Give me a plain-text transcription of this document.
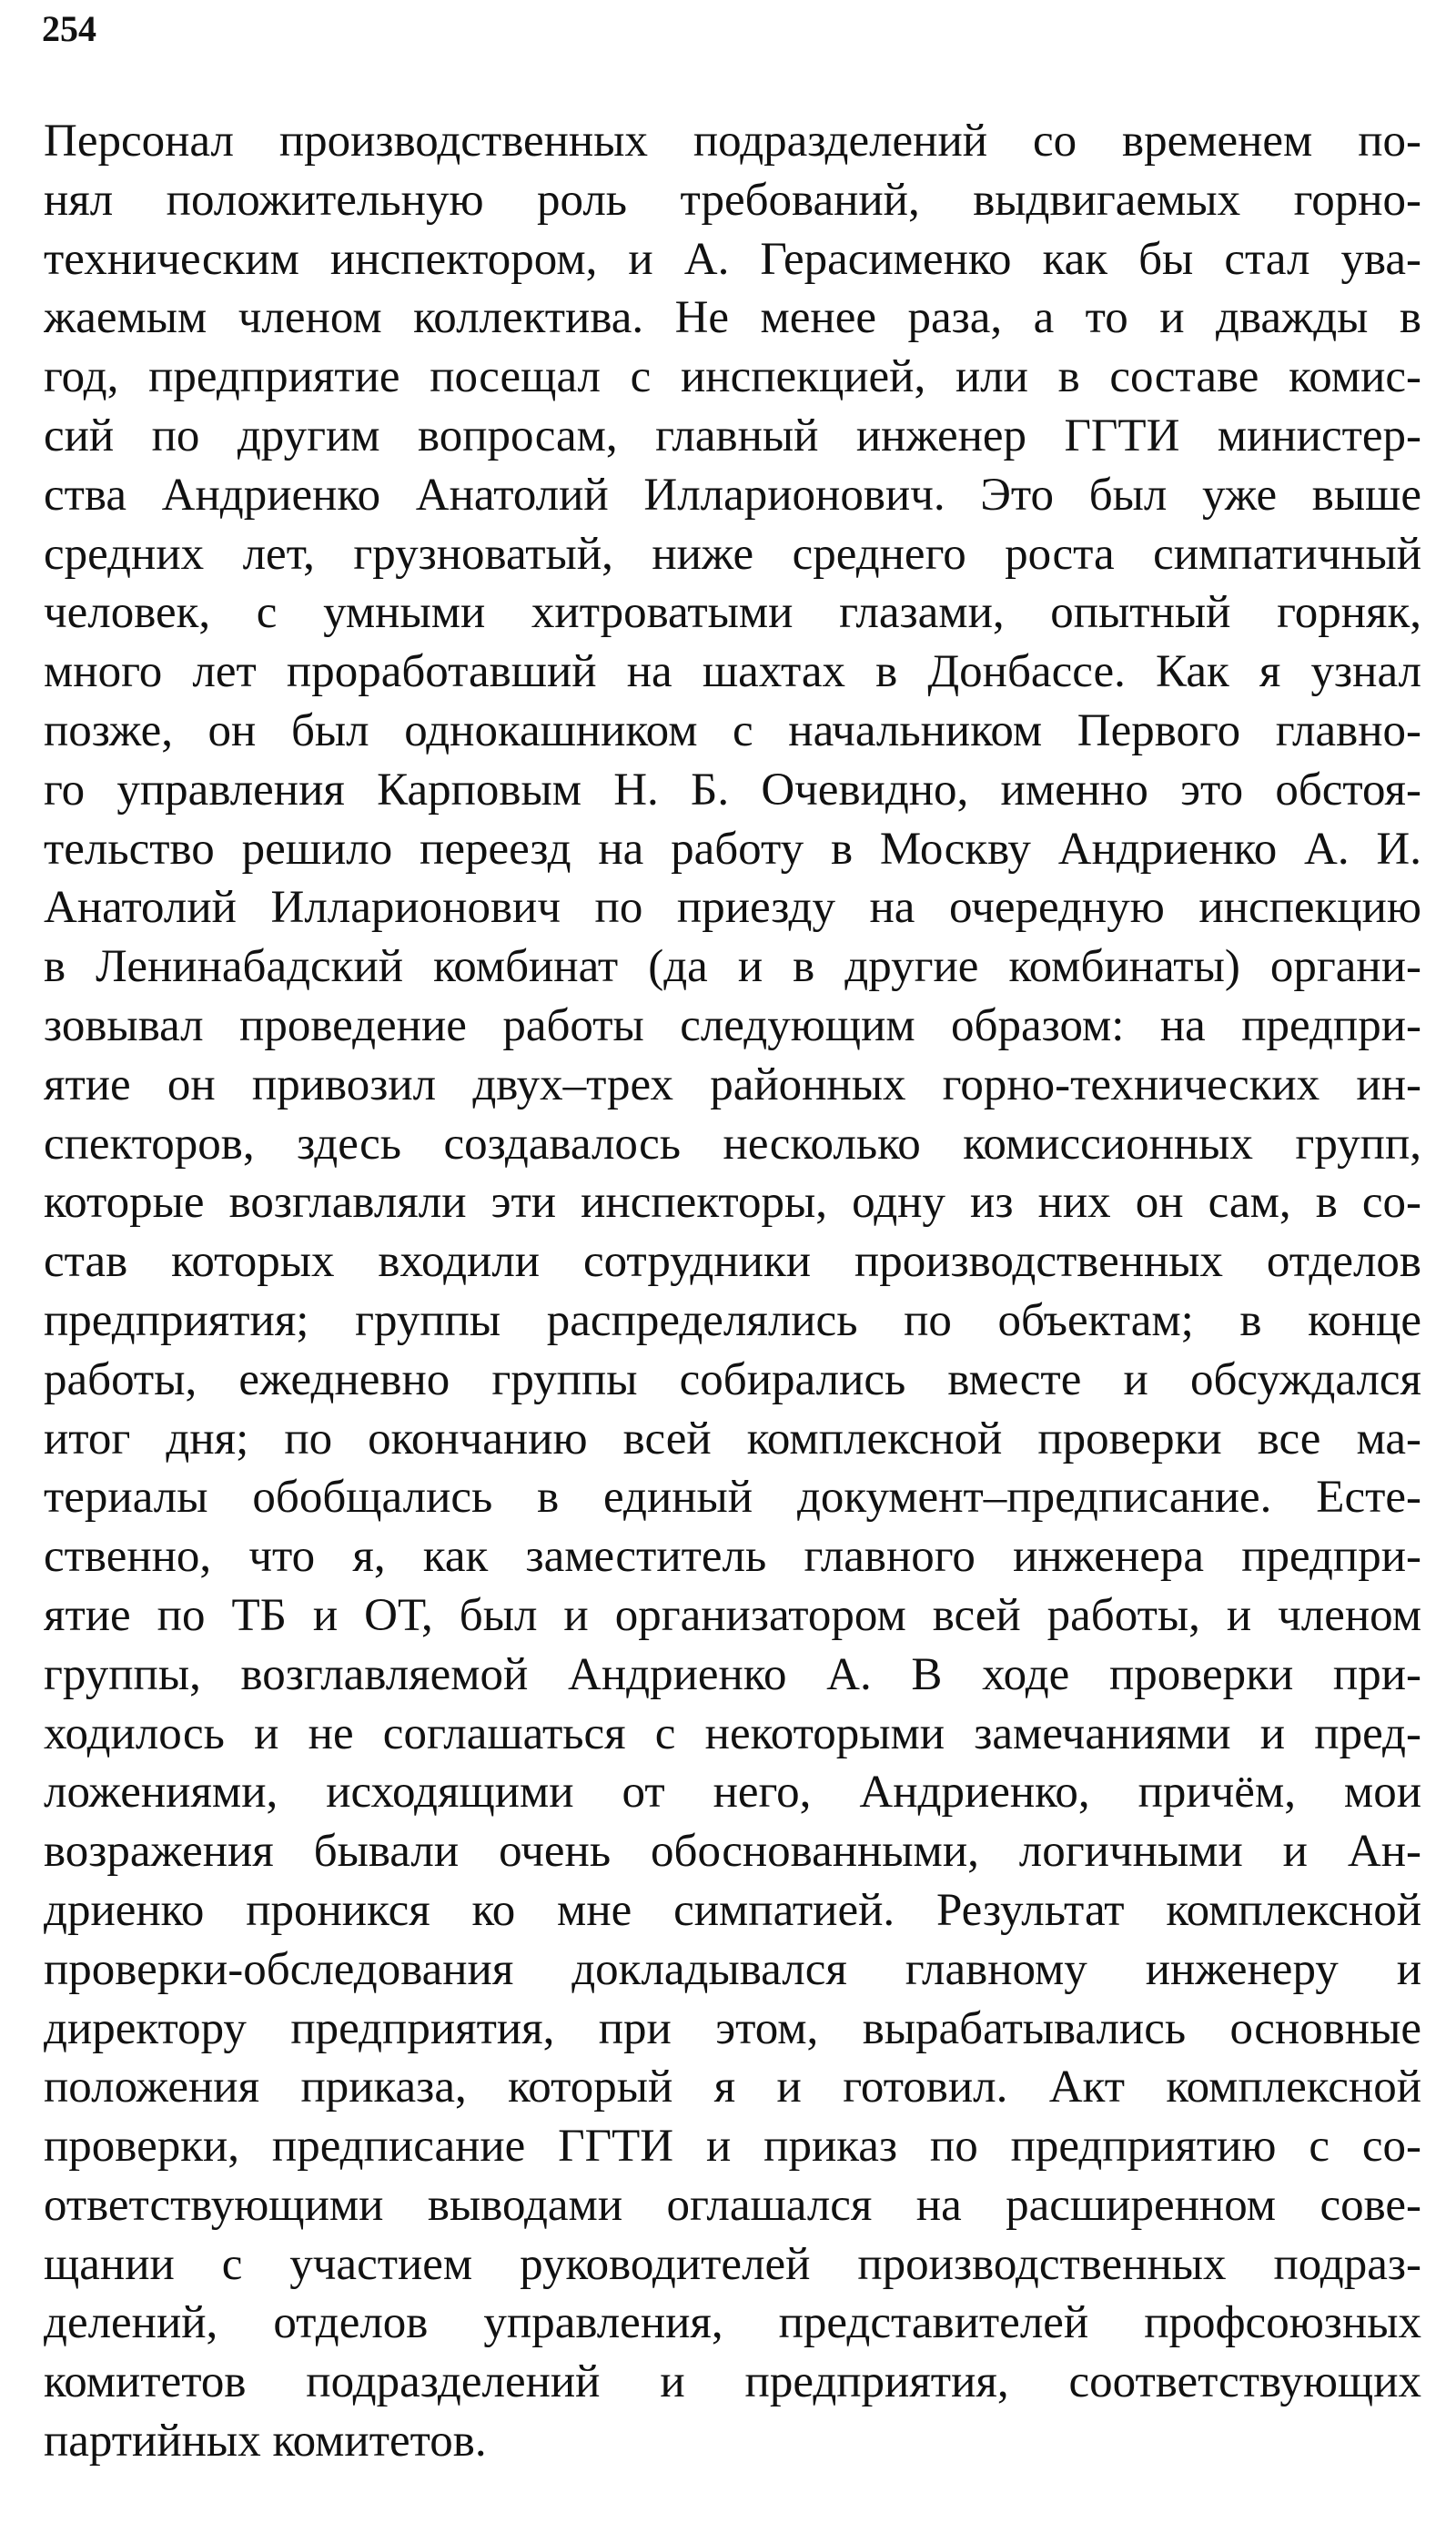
254
Персонал производственных подразделений со временем по-
нял положительную роль требований, выдвигаемых горно-
техническим инспектором, и А. Герасименко как бы стал ува-
жаемым членом коллектива. Не менее раза, а то и дважды в
год, предприятие посещал с инспекцией, или в составе комис-
сий по другим вопросам, главный инженер ГГТИ министер-
ства Андриенко Анатолий Илларионович. Это был уже выше
средних лет, грузноватый, ниже среднего роста симпатичный
человек, с умными хитроватыми глазами, опытный горняк,
много лет проработавший на шахтах в Донбассе. Как я узнал
позже, он был однокашником с начальником Первого главно-
го управления Карповым Н. Б. Очевидно, именно это обстоя-
тельство решило переезд на работу в Москву Андриенко А. И.
Анатолий Илларионович по приезду на очередную инспекцию
в Ленинабадский комбинат (да и в другие комбинаты) органи-
зовывал проведение работы следующим образом: на предпри-
ятие он привозил двух–трех районных горно-технических ин-
спекторов, здесь создавалось несколько комиссионных групп,
которые возглавляли эти инспекторы, одну из них он сам, в со-
став которых входили сотрудники производственных отделов
предприятия; группы распределялись по объектам; в конце
работы, ежедневно группы собирались вместе и обсуждался
итог дня; по окончанию всей комплексной проверки все ма-
териалы обобщались в единый документ–предписание. Есте-
ственно, что я, как заместитель главного инженера предпри-
ятие по ТБ и ОТ, был и организатором всей работы, и членом
группы, возглавляемой Андриенко А. В ходе проверки при-
ходилось и не соглашаться с некоторыми замечаниями и пред-
ложениями, исходящими от него, Андриенко, причём, мои
возражения бывали очень обоснованными, логичными и Ан-
дриенко проникся ко мне симпатией. Результат комплексной
проверки-обследования докладывался главному инженеру и
директору предприятия, при этом, вырабатывались основные
положения приказа, который я и готовил. Акт комплексной
проверки, предписание ГГТИ и приказ по предприятию с со-
ответствующими выводами оглашался на расширенном сове-
щании с участием руководителей производственных подраз-
делений, отделов управления, представителей профсоюзных
комитетов подразделений и предприятия, соответствующих
партийных комитетов.
